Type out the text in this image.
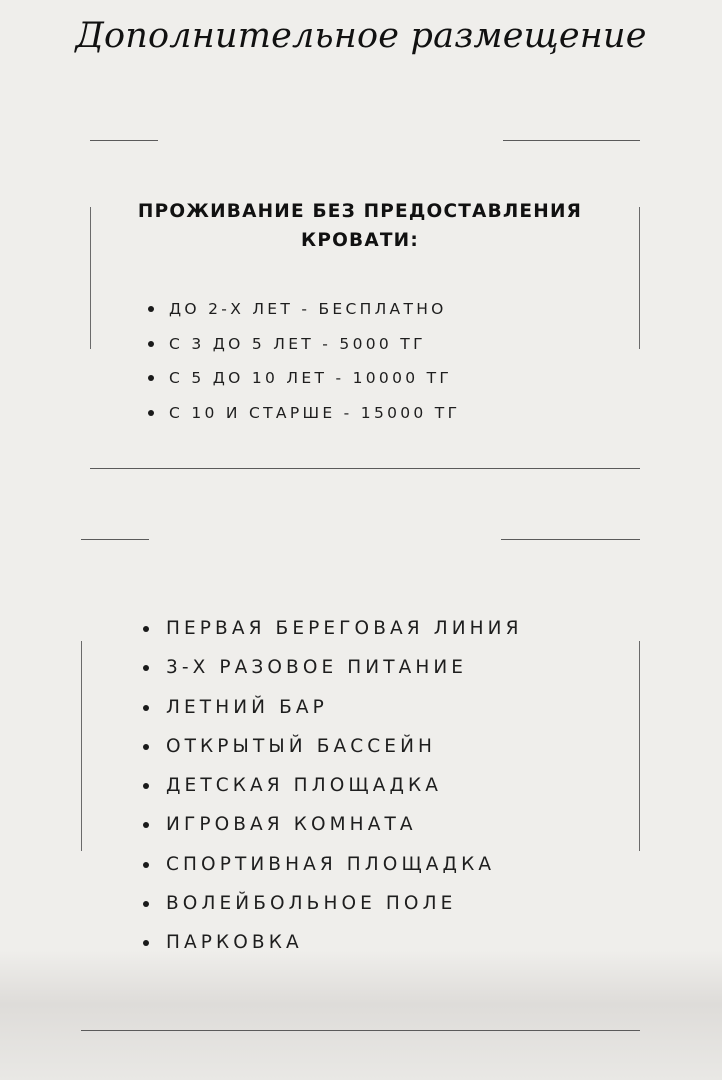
Дополнительное размещение
ПРОЖИВАНИЕ БЕЗ ПРЕДОСТАВЛЕНИЯ КРОВАТИ:
ДО 2-Х ЛЕТ - БЕСПЛАТНО
С 3 ДО 5 ЛЕТ - 5000 ТГ
С 5 ДО 10 ЛЕТ - 10000 ТГ
С 10 И СТАРШЕ - 15000 ТГ
ПЕРВАЯ БЕРЕГОВАЯ ЛИНИЯ
3-Х РАЗОВОЕ ПИТАНИЕ
ЛЕТНИЙ БАР
ОТКРЫТЫЙ БАССЕЙН
ДЕТСКАЯ ПЛОЩАДКА
ИГРОВАЯ КОМНАТА
СПОРТИВНАЯ ПЛОЩАДКА
ВОЛЕЙБОЛЬНОЕ ПОЛЕ
ПАРКОВКА
